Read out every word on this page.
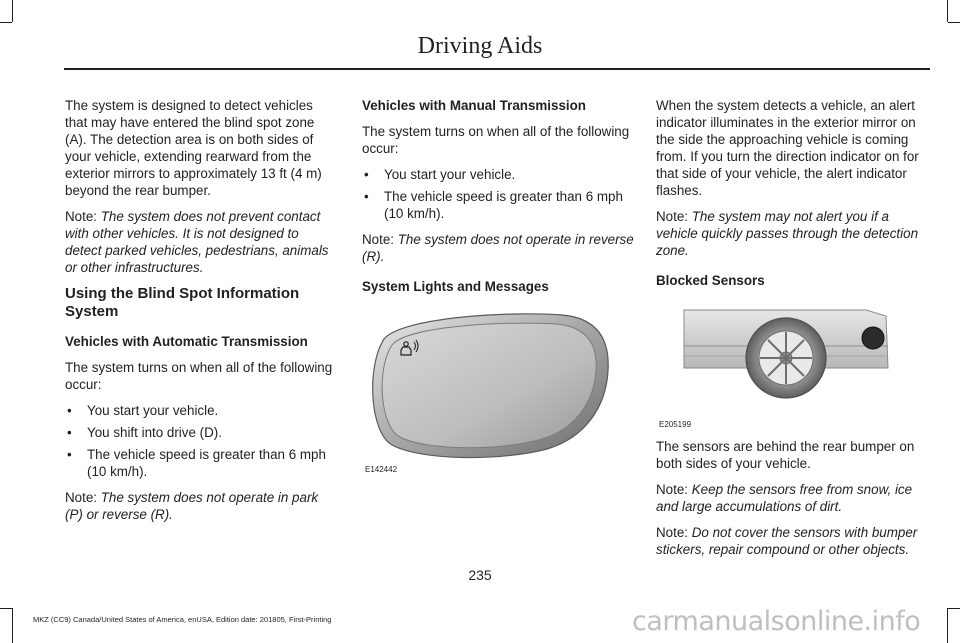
Driving Aids

The system is designed to detect vehicles that may have entered the blind spot zone (A). The detection area is on both sides of your vehicle, extending rearward from the exterior mirrors to approximately 13 ft (4 m) beyond the rear bumper.

Note: The system does not prevent contact with other vehicles. It is not designed to detect parked vehicles, pedestrians, animals or other infrastructures.

Using the Blind Spot Information System
Vehicles with Automatic Transmission

The system turns on when all of the following occur:

• You start your vehicle.
• You shift into drive (D).
• The vehicle speed is greater than 6 mph (10 km/h).

Note: The system does not operate in park (P) or reverse (R).

Vehicles with Manual Transmission

The system turns on when all of the following occur:

• You start your vehicle.
• The vehicle speed is greater than 6 mph (10 km/h).

Note: The system does not operate in reverse (R).

System Lights and Messages
E142442

When the system detects a vehicle, an alert indicator illuminates in the exterior mirror on the side the approaching vehicle is coming from. If you turn the direction indicator on for that side of your vehicle, the alert indicator flashes.

Note: The system may not alert you if a vehicle quickly passes through the detection zone.

Blocked Sensors
E205199

The sensors are behind the rear bumper on both sides of your vehicle.

Note: Keep the sensors free from snow, ice and large accumulations of dirt.

Note: Do not cover the sensors with bumper stickers, repair compound or other objects.

235
MKZ (CC9) Canada/United States of America, enUSA, Edition date: 201805, First-Printing	carmanualsonline.info
